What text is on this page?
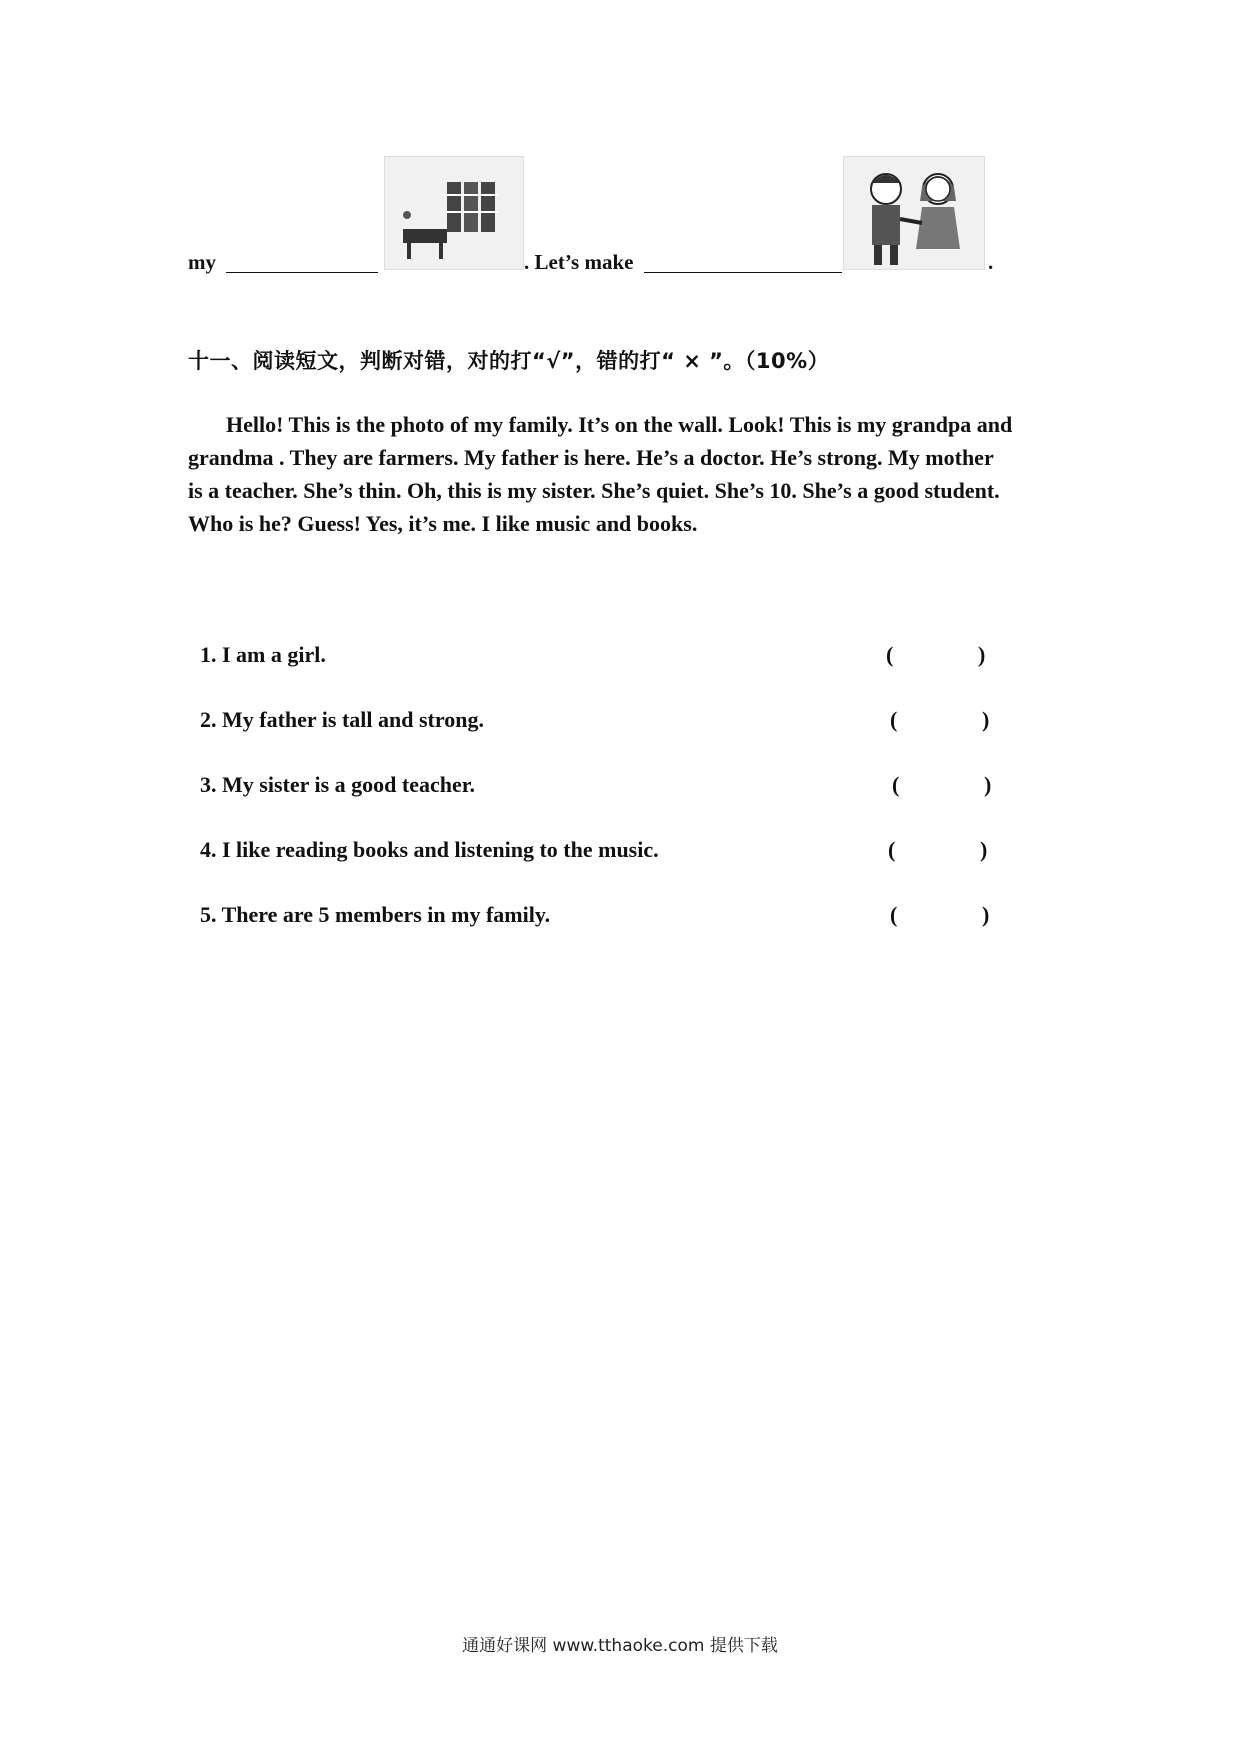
my	. Let’s make	.
十一、阅读短文，判断对错，对的打“√”，错的打“ × ”。（10%）

Hello! This is the photo of my family. It’s on the wall. Look! This is my grandpa and

grandma . They are farmers. My father is here. He’s a doctor. He’s strong. My mother

is a teacher. She’s thin. Oh, this is my sister. She’s quiet. She’s 10. She’s a good student.

Who is he? Guess! Yes, it’s me. I like music and books.

1. I am a girl.	(	)
2. My father is tall and strong.	(	)
3. My sister is a good teacher.	(	)
4. I like reading books and listening to the music.	(	)
5. There are 5 members in my family.	(	)
通通好课网 www.tthaoke.com 提供下载
